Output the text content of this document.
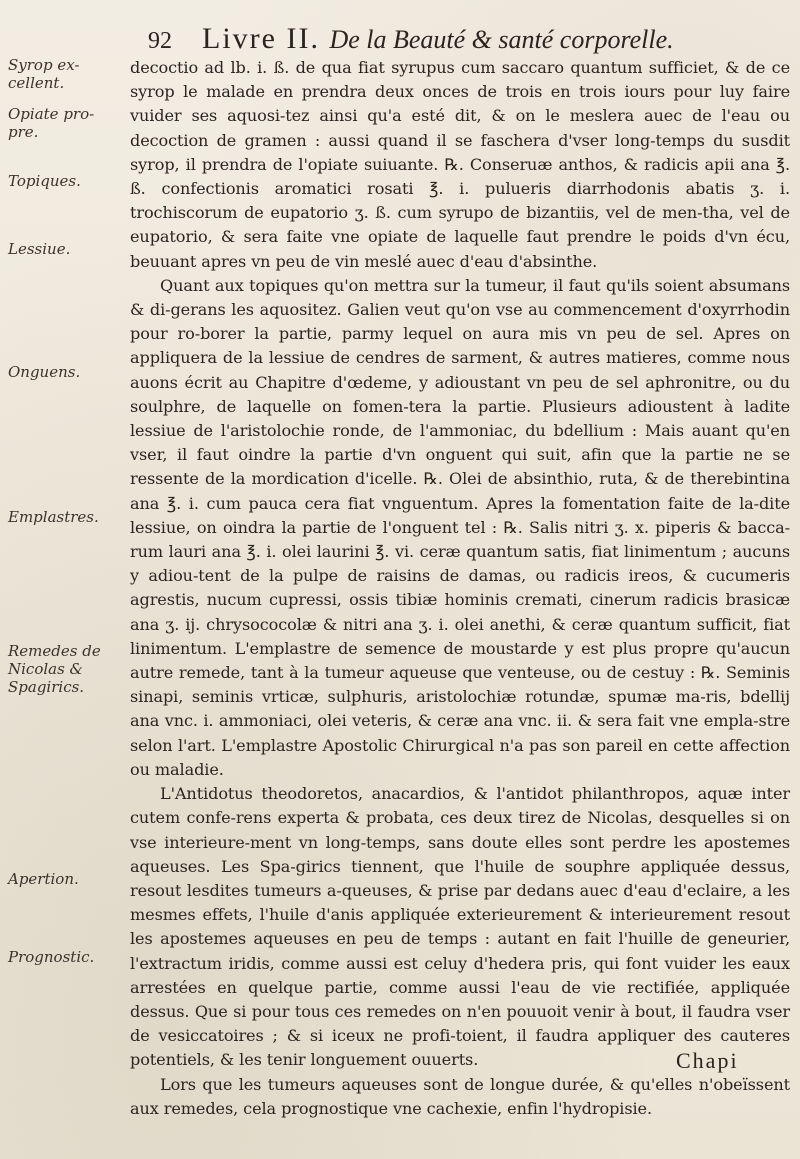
92 Livre II. De la Beauté & santé corporelle.
Syrop ex-cellent.
Opiate pro-pre.
Topiques.
Lessiue.
Onguens.
Emplastres.
Remedes de Nicolas & Spagirics.
Apertion.
Prognostic.

decoctio ad lb. i. ß. de qua fiat syrupus cum saccaro quantum sufficiet, & de ce syrop le malade en prendra deux onces de trois en trois iours pour luy faire vuider ses aquosi-tez ainsi qu'a esté dit, & on le meslera auec de l'eau ou decoction de gramen : aussi quand il se faschera d'vser long-temps du susdit syrop, il prendra de l'opiate suiuante. ℞. Conseruæ anthos, & radicis apii ana ℥. ß. confectionis aromatici rosati ℥. i. pulueris diarrhodonis abatis ʒ. i. trochiscorum de eupatorio ʒ. ß. cum syrupo de bizantiis, vel de men-tha, vel de eupatorio, & sera faite vne opiate de laquelle faut prendre le poids d'vn écu, beuuant apres vn peu de vin meslé auec d'eau d'absinthe.

Quant aux topiques qu'on mettra sur la tumeur, il faut qu'ils soient absumans & di-gerans les aquositez. Galien veut qu'on vse au commencement d'oxyrrhodin pour ro-borer la partie, parmy lequel on aura mis vn peu de sel. Apres on appliquera de la lessiue de cendres de sarment, & autres matieres, comme nous auons écrit au Chapitre d'œdeme, y adioustant vn peu de sel aphronitre, ou du soulphre, de laquelle on fomen-tera la partie. Plusieurs adioustent à ladite lessiue de l'aristolochie ronde, de l'ammoniac, du bdellium : Mais auant qu'en vser, il faut oindre la partie d'vn onguent qui suit, afin que la partie ne se ressente de la mordication d'icelle. ℞. Olei de absinthio, ruta, & de therebintina ana ℥. i. cum pauca cera fiat vnguentum. Apres la fomentation faite de la-dite lessiue, on oindra la partie de l'onguent tel : ℞. Salis nitri ʒ. x. piperis & bacca-rum lauri ana ℥. i. olei laurini ℥. vi. ceræ quantum satis, fiat linimentum ; aucuns y adiou-tent de la pulpe de raisins de damas, ou radicis ireos, & cucumeris agrestis, nucum cupressi, ossis tibiæ hominis cremati, cinerum radicis brasicæ ana ʒ. ij. chrysococolæ & nitri ana ʒ. i. olei anethi, & ceræ quantum sufficit, fiat linimentum. L'emplastre de semence de moustarde y est plus propre qu'aucun autre remede, tant à la tumeur aqueuse que venteuse, ou de cestuy : ℞. Seminis sinapi, seminis vrticæ, sulphuris, aristolochiæ rotundæ, spumæ ma-ris, bdellij ana vnc. i. ammoniaci, olei veteris, & ceræ ana vnc. ii. & sera fait vne empla-stre selon l'art. L'emplastre Apostolic Chirurgical n'a pas son pareil en cette affection ou maladie.

L'Antidotus theodoretos, anacardios, & l'antidot philanthropos, aquæ inter cutem confe-rens experta & probata, ces deux tirez de Nicolas, desquelles si on vse interieure-ment vn long-temps, sans doute elles sont perdre les apostemes aqueuses. Les Spa-girics tiennent, que l'huile de souphre appliquée dessus, resout lesdites tumeurs a-queuses, & prise par dedans auec d'eau d'eclaire, a les mesmes effets, l'huile d'anis appliquée exterieurement & interieurement resout les apostemes aqueuses en peu de temps : autant en fait l'huille de geneurier, l'extractum iridis, comme aussi est celuy d'hedera pris, qui font vuider les eaux arrestées en quelque partie, comme aussi l'eau de vie rectifiée, appliquée dessus. Que si pour tous ces remedes on n'en pouuoit venir à bout, il faudra vser de vesiccatoires ; & si iceux ne profi-toient, il faudra appliquer des cauteres potentiels, & les tenir longuement ouuerts.

Lors que les tumeurs aqueuses sont de longue durée, & qu'elles n'obeïssent aux remedes, cela prognostique vne cachexie, enfin l'hydropisie.

Chapi
